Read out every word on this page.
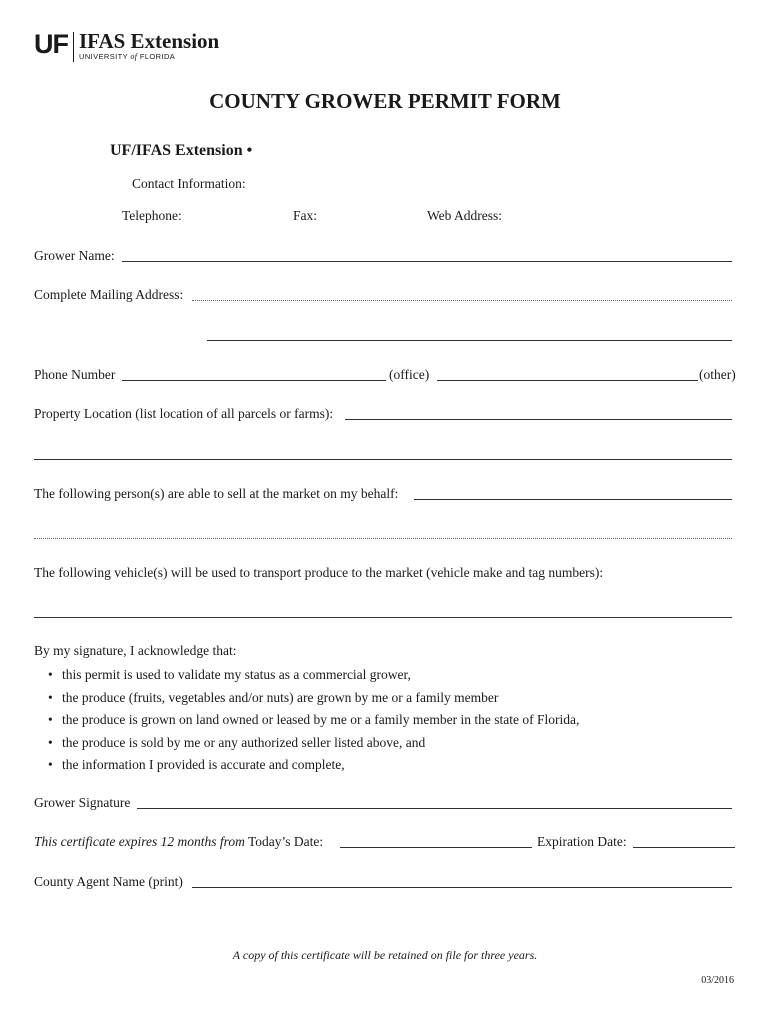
UF IFAS Extension
UNIVERSITY of FLORIDA
COUNTY GROWER PERMIT FORM
UF/IFAS Extension •
Contact Information:
Telephone:	Fax:	Web Address:
Grower Name:
Complete Mailing Address:
Phone Number	(office)	(other)
Property Location (list location of all parcels or farms):
The following person(s) are able to sell at the market on my behalf:
The following vehicle(s) will be used to transport produce to the market (vehicle make and tag numbers):
By my signature, I acknowledge that:
• this permit is used to validate my status as a commercial grower,
• the produce (fruits, vegetables and/or nuts) are grown by me or a family member
• the produce is grown on land owned or leased by me or a family member in the state of Florida,
• the produce is sold by me or any authorized seller listed above, and
• the information I provided is accurate and complete,
Grower Signature
This certificate expires 12 months from Today’s Date:	Expiration Date:
County Agent Name (print)
A copy of this certificate will be retained on file for three years.
03/2016
